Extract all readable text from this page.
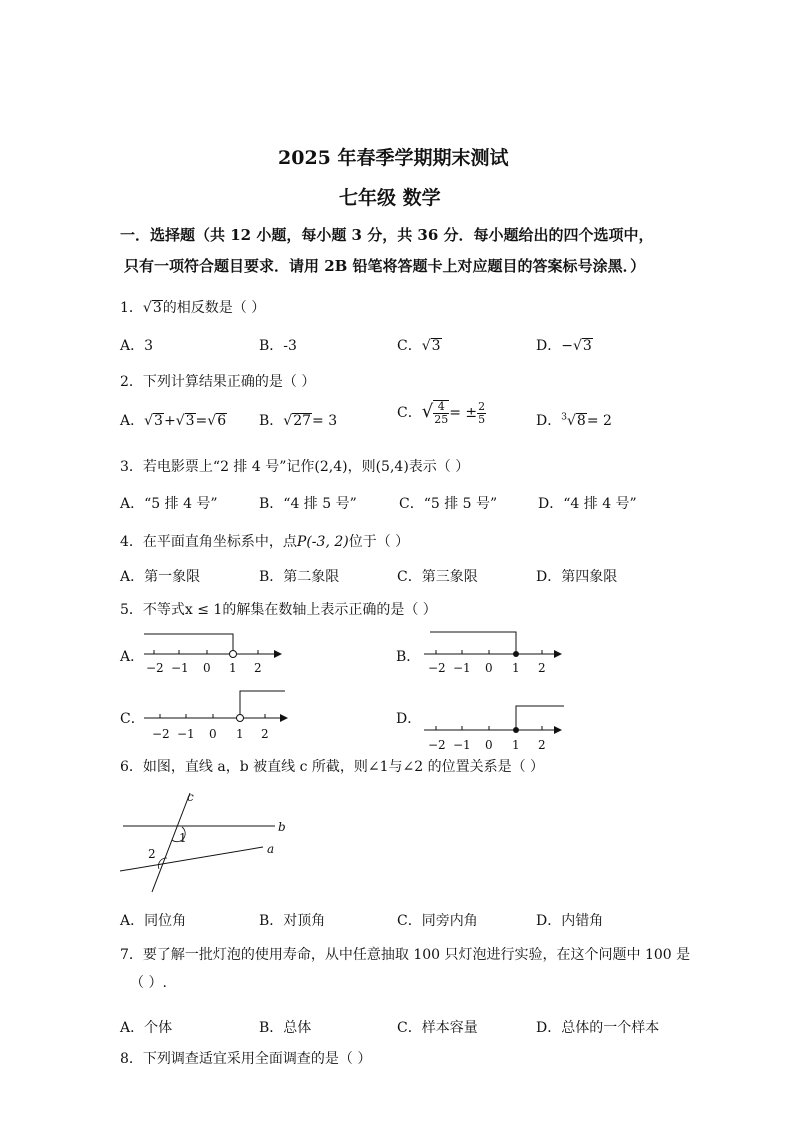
2025 年春季学期期末测试
七年级 数学
一．选择题（共 12 小题，每小题 3 分，共 36 分．每小题给出的四个选项中，
只有一项符合题目要求．请用 2B 铅笔将答题卡上对应题目的答案标号涂黑．）
1．√3的相反数是（ ）
A．3	B．-3	C．√3	D．−√3
2．下列计算结果正确的是（ ）
A．√3+√3=√6 B．√27= 3	C．√ $\frac{4}{25}$ = ± $\frac{2}{5}$	D．$^3$√8= 2
3．若电影票上“2 排 4 号”记作(2,4)，则(5,4)表示（ ）
A．“5 排 4 号”	B．“4 排 5 号”	C．“5 排 5 号”	D．“4 排 4 号”
4．在平面直角坐标系中，点P(-3, 2)位于（ ）
A．第一象限	B．第二象限	C．第三象限	D．第四象限
5．不等式x ≤ 1的解集在数轴上表示正确的是（ ）
A．
−2 −1 0 1 2
B．
−2 −1 0 1 2
C．
−2 −1 0 1 2
D．
−2 −1 0 1 2
6．如图，直线 a，b 被直线 c 所截，则∠1与∠2 的位置关系是（ ）
c
b
a
1
2
A．同位角	B．对顶角	C．同旁内角	D．内错角
7．要了解一批灯泡的使用寿命，从中任意抽取 100 只灯泡进行实验，在这个问题中 100 是
（ ）.
A．个体	B．总体	C．样本容量	D．总体的一个样本
8．下列调查适宜采用全面调查的是（ ）
